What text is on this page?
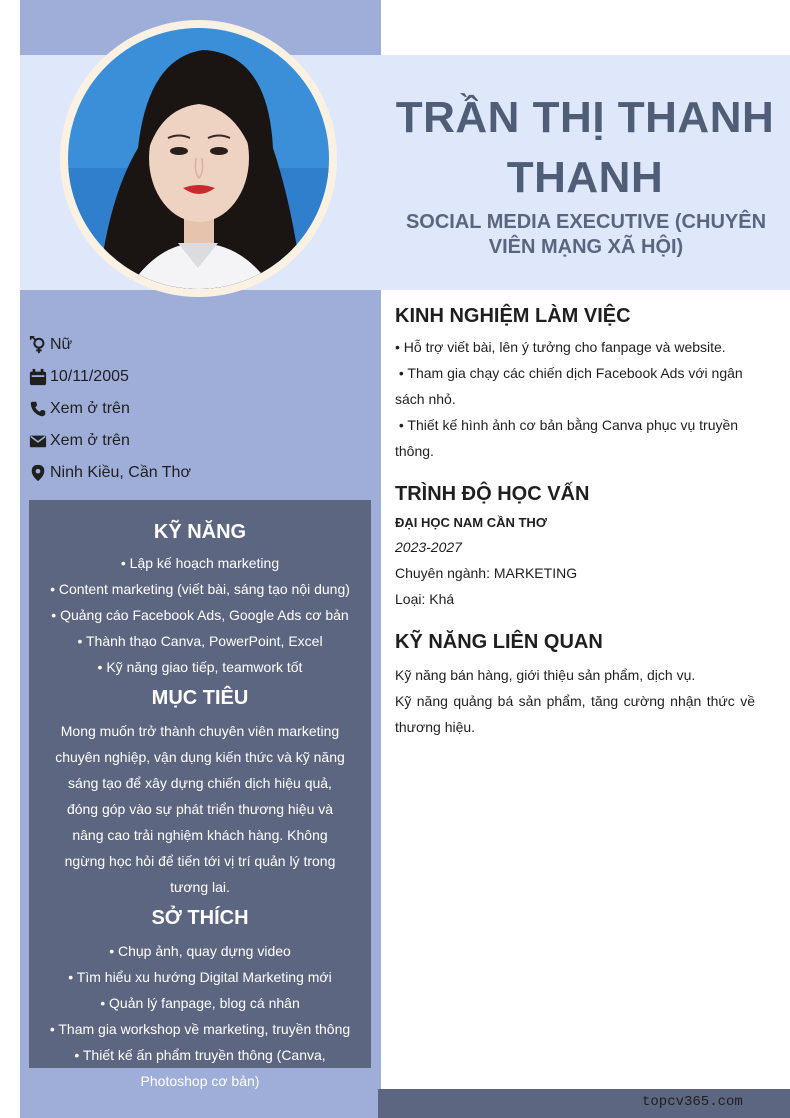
TRẦN THỊ THANH THANH
SOCIAL MEDIA EXECUTIVE (CHUYÊN VIÊN MẠNG XÃ HỘI)
Nữ
10/11/2005
Xem ở trên
Xem ở trên
Ninh Kiều, Cần Thơ
KỸ NĂNG
• Lập kế hoạch marketing
• Content marketing (viết bài, sáng tạo nội dung)
• Quảng cáo Facebook Ads, Google Ads cơ bản
• Thành thạo Canva, PowerPoint, Excel
• Kỹ năng giao tiếp, teamwork tốt
MỤC TIÊU
Mong muốn trở thành chuyên viên marketing chuyên nghiệp, vận dụng kiến thức và kỹ năng sáng tạo để xây dựng chiến dịch hiệu quả, đóng góp vào sự phát triển thương hiệu và nâng cao trải nghiệm khách hàng. Không ngừng học hỏi để tiến tới vị trí quản lý trong tương lai.
SỞ THÍCH
• Chụp ảnh, quay dựng video
• Tìm hiểu xu hướng Digital Marketing mới
• Quản lý fanpage, blog cá nhân
• Tham gia workshop về marketing, truyền thông
• Thiết kế ấn phẩm truyền thông (Canva, Photoshop cơ bản)
KINH NGHIỆM LÀM VIỆC
• Hỗ trợ viết bài, lên ý tưởng cho fanpage và website.
• Tham gia chạy các chiến dịch Facebook Ads với ngân sách nhỏ.
• Thiết kế hình ảnh cơ bản bằng Canva phục vụ truyền thông.
TRÌNH ĐỘ HỌC VẤN
ĐẠI HỌC NAM CẦN THƠ
2023-2027
Chuyên ngành: MARKETING
Loại: Khá
KỸ NĂNG LIÊN QUAN
Kỹ năng bán hàng, giới thiệu sản phẩm, dịch vụ.
Kỹ năng quảng bá sản phẩm, tăng cường nhận thức về thương hiệu.
topcv365.com
